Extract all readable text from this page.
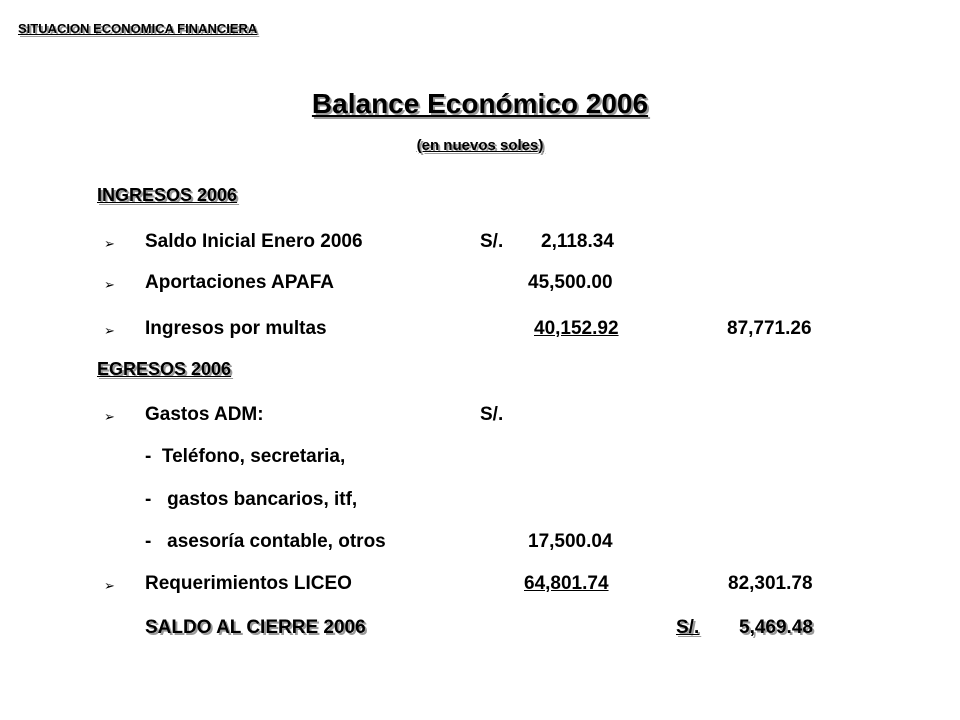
SITUACION ECONOMICA FINANCIERA
Balance Económico 2006
(en nuevos soles)
INGRESOS 2006
➢ Saldo Inicial Enero 2006	S/. 2,118.34
➢ Aportaciones APAFA	45,500.00
➢ Ingresos por multas	40,152.92	87,771.26
EGRESOS 2006
➢ Gastos ADM:	S/.
-  Teléfono, secretaria,
-   gastos bancarios, itf,
-   asesoría contable, otros	17,500.04
➢ Requerimientos LICEO	64,801.74	82,301.78
SALDO AL CIERRE 2006	S/.	5,469.48
